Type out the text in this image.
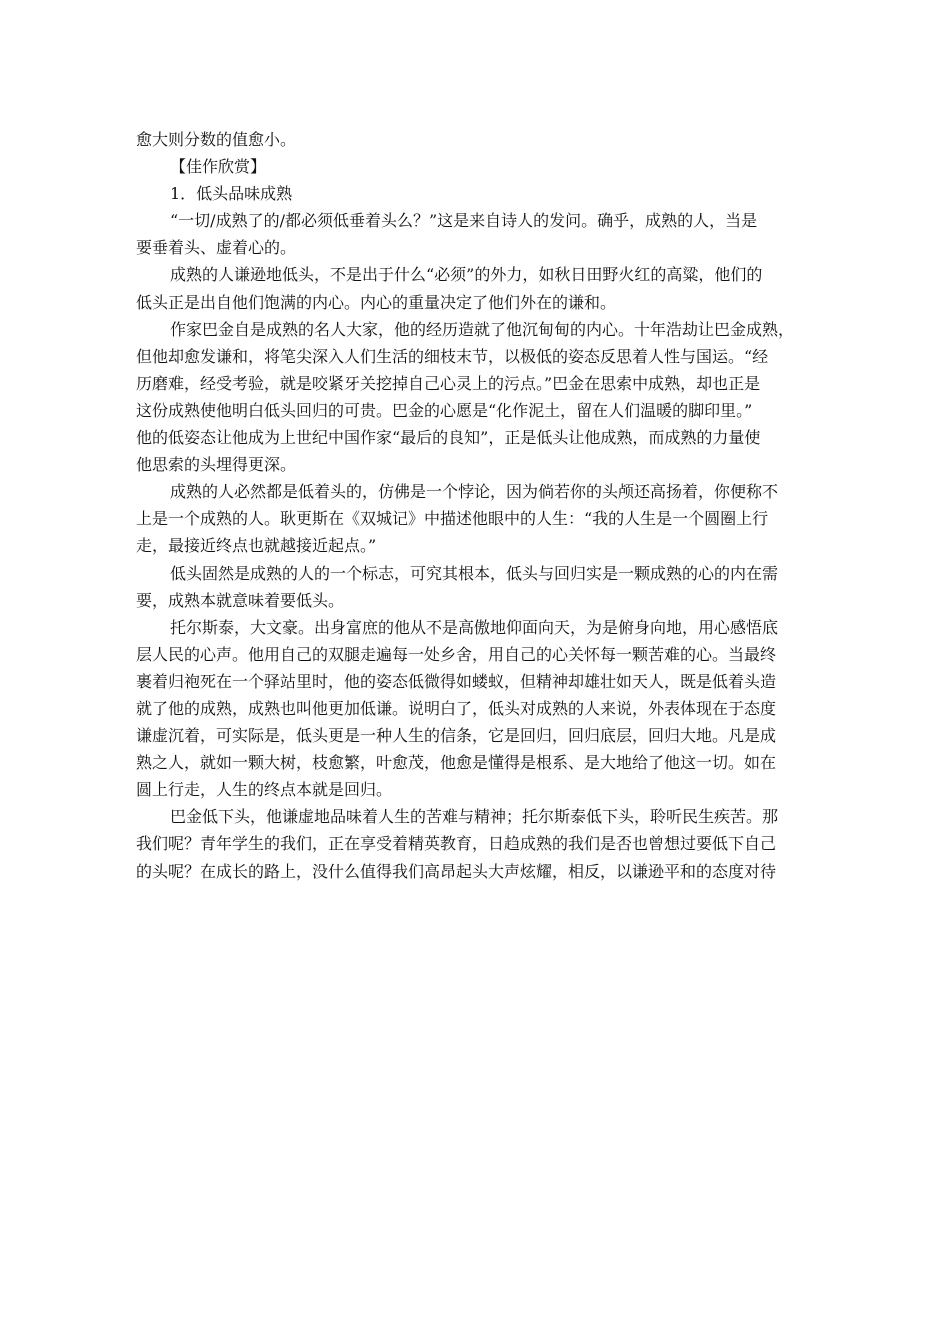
愈大则分数的值愈小。
【佳作欣赏】
1．低头品味成熟
“一切/成熟了的/都必须低垂着头么？”这是来自诗人的发问。确乎，成熟的人，当是
要垂着头、虚着心的。
成熟的人谦逊地低头，不是出于什么“必须”的外力，如秋日田野火红的高粱，他们的
低头正是出自他们饱满的内心。内心的重量决定了他们外在的谦和。
作家巴金自是成熟的名人大家，他的经历造就了他沉甸甸的内心。十年浩劫让巴金成熟，
但他却愈发谦和，将笔尖深入人们生活的细枝末节，以极低的姿态反思着人性与国运。“经
历磨难，经受考验，就是咬紧牙关挖掉自己心灵上的污点。”巴金在思索中成熟，却也正是
这份成熟使他明白低头回归的可贵。巴金的心愿是“化作泥土，留在人们温暖的脚印里。”
他的低姿态让他成为上世纪中国作家“最后的良知”，正是低头让他成熟，而成熟的力量使
他思索的头埋得更深。
成熟的人必然都是低着头的，仿佛是一个悖论，因为倘若你的头颅还高扬着，你便称不
上是一个成熟的人。耿更斯在《双城记》中描述他眼中的人生：“我的人生是一个圆圈上行
走，最接近终点也就越接近起点。”
低头固然是成熟的人的一个标志，可究其根本，低头与回归实是一颗成熟的心的内在需
要，成熟本就意味着要低头。
托尔斯泰，大文豪。出身富庶的他从不是高傲地仰面向天，为是俯身向地，用心感悟底
层人民的心声。他用自己的双腿走遍每一处乡舍，用自己的心关怀每一颗苦难的心。当最终
裹着归袍死在一个驿站里时，他的姿态低微得如蝼蚁，但精神却雄壮如天人，既是低着头造
就了他的成熟，成熟也叫他更加低谦。说明白了，低头对成熟的人来说，外表体现在于态度
谦虚沉着，可实际是，低头更是一种人生的信条，它是回归，回归底层，回归大地。凡是成
熟之人，就如一颗大树，枝愈繁，叶愈茂，他愈是懂得是根系、是大地给了他这一切。如在
圆上行走，人生的终点本就是回归。
巴金低下头，他谦虚地品味着人生的苦难与精神；托尔斯泰低下头，聆听民生疾苦。那
我们呢？青年学生的我们，正在享受着精英教育，日趋成熟的我们是否也曾想过要低下自己
的头呢？在成长的路上，没什么值得我们高昂起头大声炫耀，相反，以谦逊平和的态度对待
